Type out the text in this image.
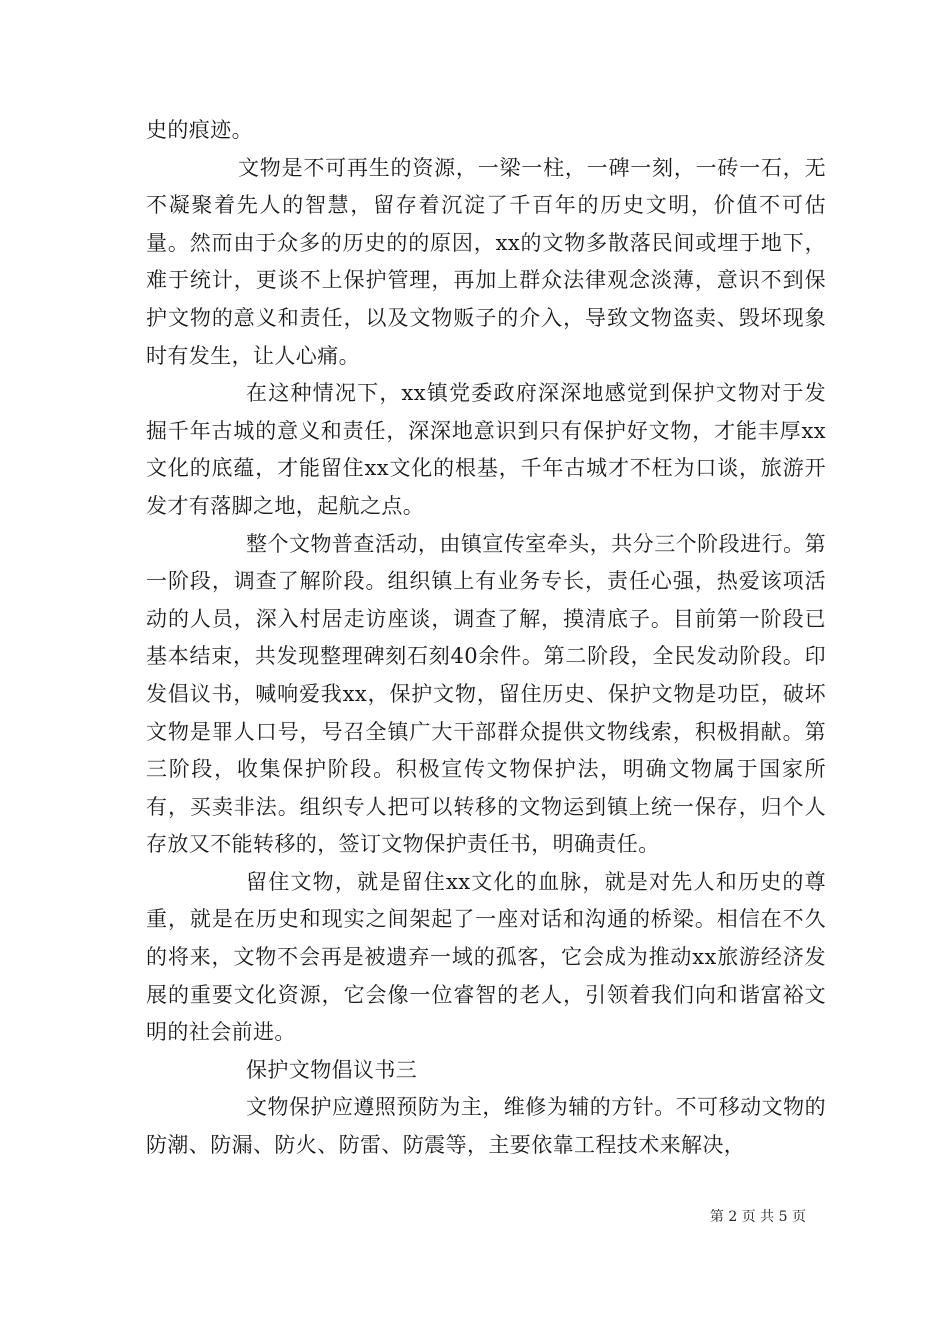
史的痕迹。

文物是不可再生的资源，一梁一柱，一碑一刻，一砖一石，无不凝聚着先人的智慧，留存着沉淀了千百年的历史文明，价值不可估量。然而由于众多的历史的的原因，xx的文物多散落民间或埋于地下，难于统计，更谈不上保护管理，再加上群众法律观念淡薄，意识不到保护文物的意义和责任，以及文物贩子的介入，导致文物盗卖、毁坏现象时有发生，让人心痛。

在这种情况下，xx镇党委政府深深地感觉到保护文物对于发掘千年古城的意义和责任，深深地意识到只有保护好文物，才能丰厚xx文化的底蕴，才能留住xx文化的根基，千年古城才不枉为口谈，旅游开发才有落脚之地，起航之点。

整个文物普查活动，由镇宣传室牵头，共分三个阶段进行。第一阶段，调查了解阶段。组织镇上有业务专长，责任心强，热爱该项活动的人员，深入村居走访座谈，调查了解，摸清底子。目前第一阶段已基本结束，共发现整理碑刻石刻40余件。第二阶段，全民发动阶段。印发倡议书，喊响爱我xx，保护文物，留住历史、保护文物是功臣，破坏文物是罪人口号，号召全镇广大干部群众提供文物线索，积极捐献。第三阶段，收集保护阶段。积极宣传文物保护法，明确文物属于国家所有，买卖非法。组织专人把可以转移的文物运到镇上统一保存，归个人存放又不能转移的，签订文物保护责任书，明确责任。

留住文物，就是留住xx文化的血脉，就是对先人和历史的尊重，就是在历史和现实之间架起了一座对话和沟通的桥梁。相信在不久的将来，文物不会再是被遗弃一域的孤客，它会成为推动xx旅游经济发展的重要文化资源，它会像一位睿智的老人，引领着我们向和谐富裕文明的社会前进。

保护文物倡议书三

文物保护应遵照预防为主，维修为辅的方针。不可移动文物的防潮、防漏、防火、防雷、防震等，主要依靠工程技术来解决，

第 2 页 共 5 页
